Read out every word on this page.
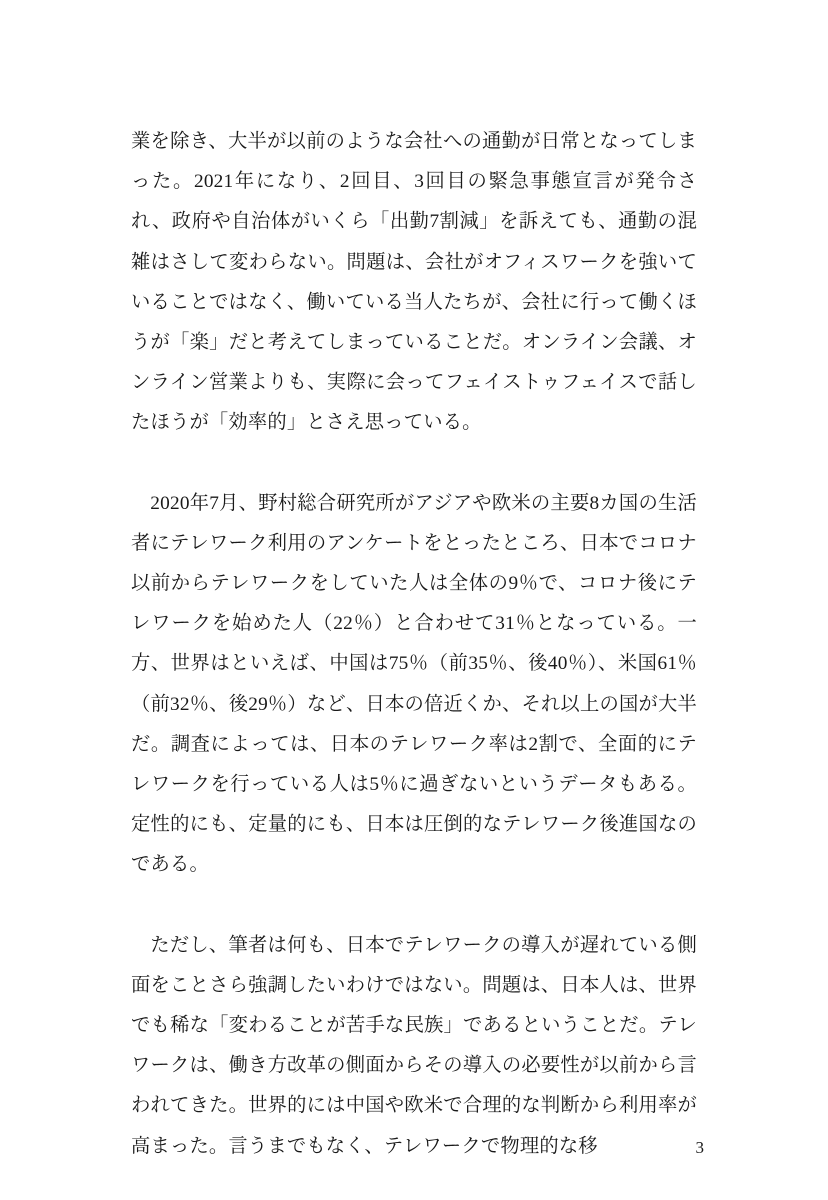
業を除き、大半が以前のような会社への通勤が日常となってしまった。2021年になり、2回目、3回目の緊急事態宣言が発令され、政府や自治体がいくら「出勤7割減」を訴えても、通勤の混雑はさして変わらない。問題は、会社がオフィスワークを強いていることではなく、働いている当人たちが、会社に行って働くほうが「楽」だと考えてしまっていることだ。オンライン会議、オンライン営業よりも、実際に会ってフェイストゥフェイスで話したほうが「効率的」とさえ思っている。

2020年7月、野村総合研究所がアジアや欧米の主要8カ国の生活者にテレワーク利用のアンケートをとったところ、日本でコロナ以前からテレワークをしていた人は全体の9％で、コロナ後にテレワークを始めた人（22％）と合わせて31％となっている。一方、世界はといえば、中国は75％（前35％、後40％）、米国61％（前32％、後29％）など、日本の倍近くか、それ以上の国が大半だ。調査によっては、日本のテレワーク率は2割で、全面的にテレワークを行っている人は5％に過ぎないというデータもある。定性的にも、定量的にも、日本は圧倒的なテレワーク後進国なのである。

ただし、筆者は何も、日本でテレワークの導入が遅れている側面をことさら強調したいわけではない。問題は、日本人は、世界でも稀な「変わることが苦手な民族」であるということだ。テレワークは、働き方改革の側面からその導入の必要性が以前から言われてきた。世界的には中国や欧米で合理的な判断から利用率が高まった。言うまでもなく、テレワークで物理的な移	3
